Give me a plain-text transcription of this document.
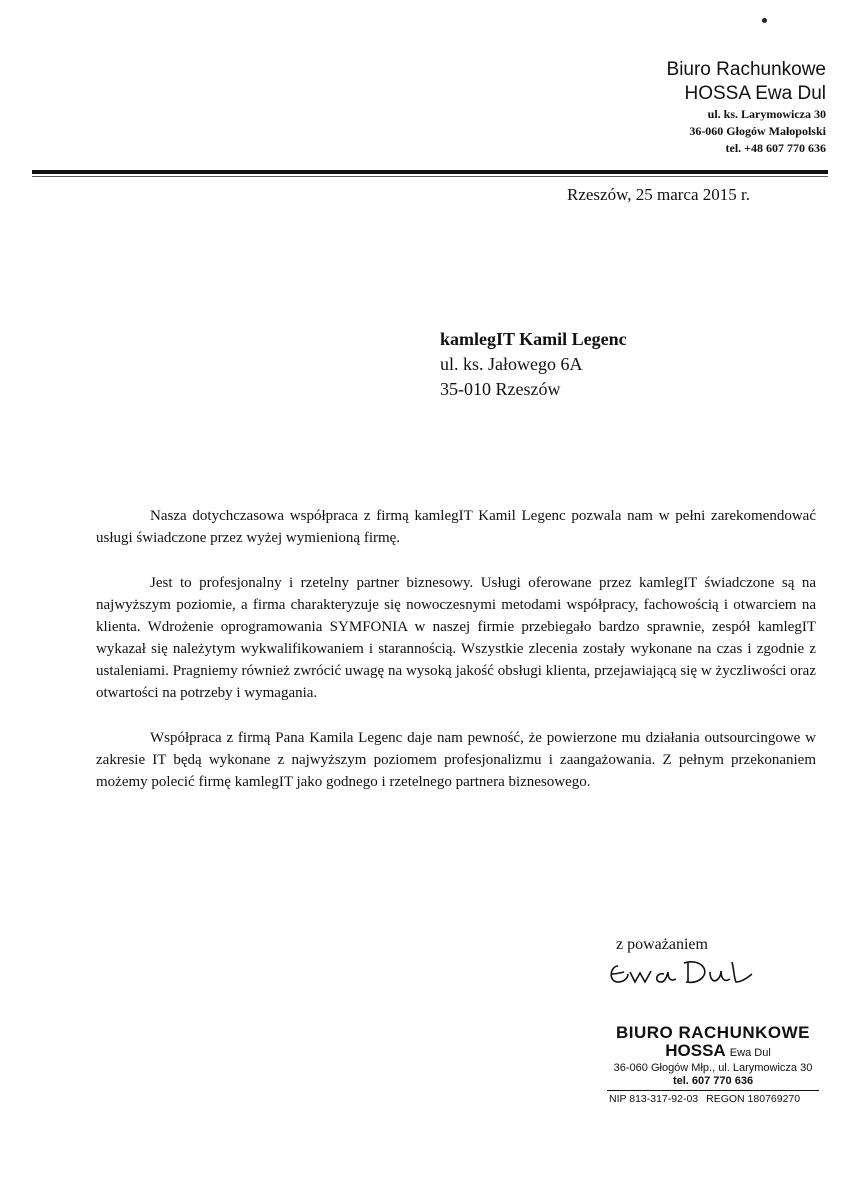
Biuro Rachunkowe
HOSSA Ewa Dul
ul. ks. Larymowicza 30
36-060 Głogów Małopolski
tel. +48 607 770 636
Rzeszów, 25 marca 2015 r.
kamlegIT Kamil Legenc
ul. ks. Jałowego 6A
35-010 Rzeszów

Nasza dotychczasowa współpraca z firmą kamlegIT Kamil Legenc pozwala nam w pełni zarekomendować usługi świadczone przez wyżej wymienioną firmę.

Jest to profesjonalny i rzetelny partner biznesowy. Usługi oferowane przez kamlegIT świadczone są na najwyższym poziomie, a firma charakteryzuje się nowoczesnymi metodami współpracy, fachowością i otwarciem na klienta. Wdrożenie oprogramowania SYMFONIA w naszej firmie przebiegało bardzo sprawnie, zespół kamlegIT wykazał się należytym wykwalifikowaniem i starannością. Wszystkie zlecenia zostały wykonane na czas i zgodnie z ustaleniami. Pragniemy również zwrócić uwagę na wysoką jakość obsługi klienta, przejawiającą się w życzliwości oraz otwartości na potrzeby i wymagania.

Współpraca z firmą Pana Kamila Legenc daje nam pewność, że powierzone mu działania outsourcingowe w zakresie IT będą wykonane z najwyższym poziomem profesjonalizmu i zaangażowania. Z pełnym przekonaniem możemy polecić firmę kamlegIT jako godnego i rzetelnego partnera biznesowego.

z poważaniem
BIURO RACHUNKOWE
HOSSA Ewa Dul
36-060 Głogów Młp., ul. Larymowicza 30
tel. 607 770 636
NIP 813-317-92-03 REGON 180769270
